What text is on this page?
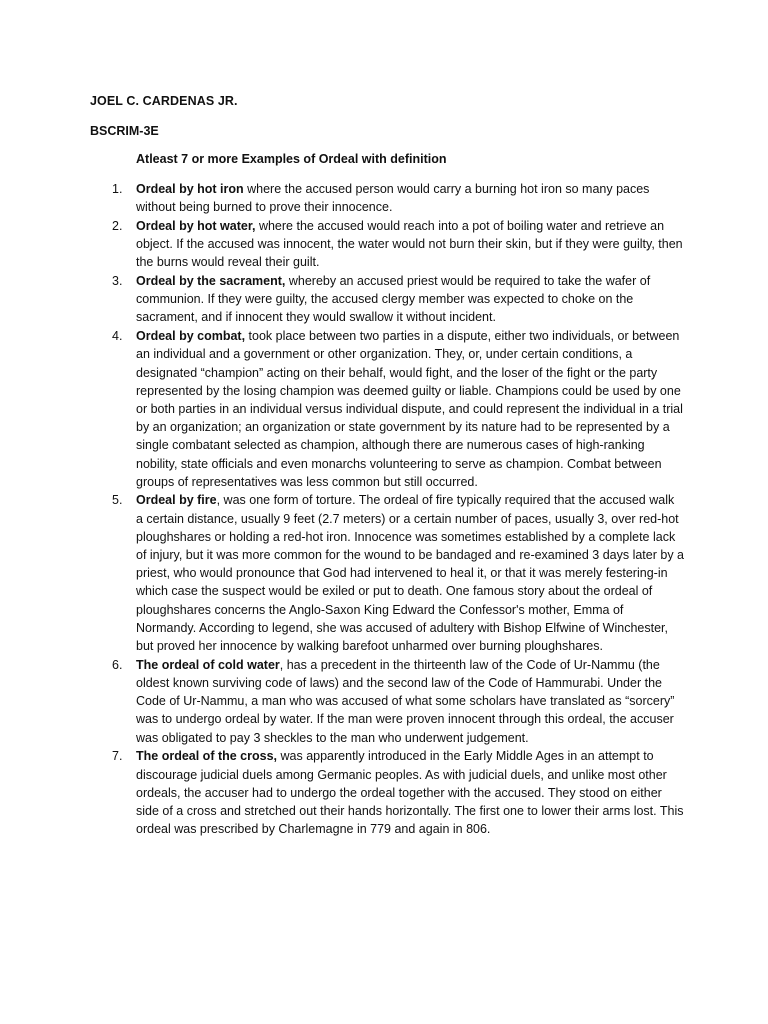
JOEL C. CARDENAS JR.
BSCRIM-3E
Atleast 7 or more Examples of Ordeal with definition
1. Ordeal by hot iron where the accused person would carry a burning hot iron so many paces without being burned to prove their innocence.
2. Ordeal by hot water, where the accused would reach into a pot of boiling water and retrieve an object. If the accused was innocent, the water would not burn their skin, but if they were guilty, then the burns would reveal their guilt.
3. Ordeal by the sacrament, whereby an accused priest would be required to take the wafer of communion. If they were guilty, the accused clergy member was expected to choke on the sacrament, and if innocent they would swallow it without incident.
4. Ordeal by combat, took place between two parties in a dispute, either two individuals, or between an individual and a government or other organization. They, or, under certain conditions, a designated “champion” acting on their behalf, would fight, and the loser of the fight or the party represented by the losing champion was deemed guilty or liable. Champions could be used by one or both parties in an individual versus individual dispute, and could represent the individual in a trial by an organization; an organization or state government by its nature had to be represented by a single combatant selected as champion, although there are numerous cases of high-ranking nobility, state officials and even monarchs volunteering to serve as champion. Combat between groups of representatives was less common but still occurred.
5. Ordeal by fire, was one form of torture. The ordeal of fire typically required that the accused walk a certain distance, usually 9 feet (2.7 meters) or a certain number of paces, usually 3, over red-hot ploughshares or holding a red-hot iron. Innocence was sometimes established by a complete lack of injury, but it was more common for the wound to be bandaged and re-examined 3 days later by a priest, who would pronounce that God had intervened to heal it, or that it was merely festering-in which case the suspect would be exiled or put to death. One famous story about the ordeal of ploughshares concerns the Anglo-Saxon King Edward the Confessor's mother, Emma of Normandy. According to legend, she was accused of adultery with Bishop Elfwine of Winchester, but proved her innocence by walking barefoot unharmed over burning ploughshares.
6. The ordeal of cold water, has a precedent in the thirteenth law of the Code of Ur-Nammu (the oldest known surviving code of laws) and the second law of the Code of Hammurabi. Under the Code of Ur-Nammu, a man who was accused of what some scholars have translated as “sorcery” was to undergo ordeal by water. If the man were proven innocent through this ordeal, the accuser was obligated to pay 3 sheckles to the man who underwent judgement.
7. The ordeal of the cross, was apparently introduced in the Early Middle Ages in an attempt to discourage judicial duels among Germanic peoples. As with judicial duels, and unlike most other ordeals, the accuser had to undergo the ordeal together with the accused. They stood on either side of a cross and stretched out their hands horizontally. The first one to lower their arms lost. This ordeal was prescribed by Charlemagne in 779 and again in 806.
